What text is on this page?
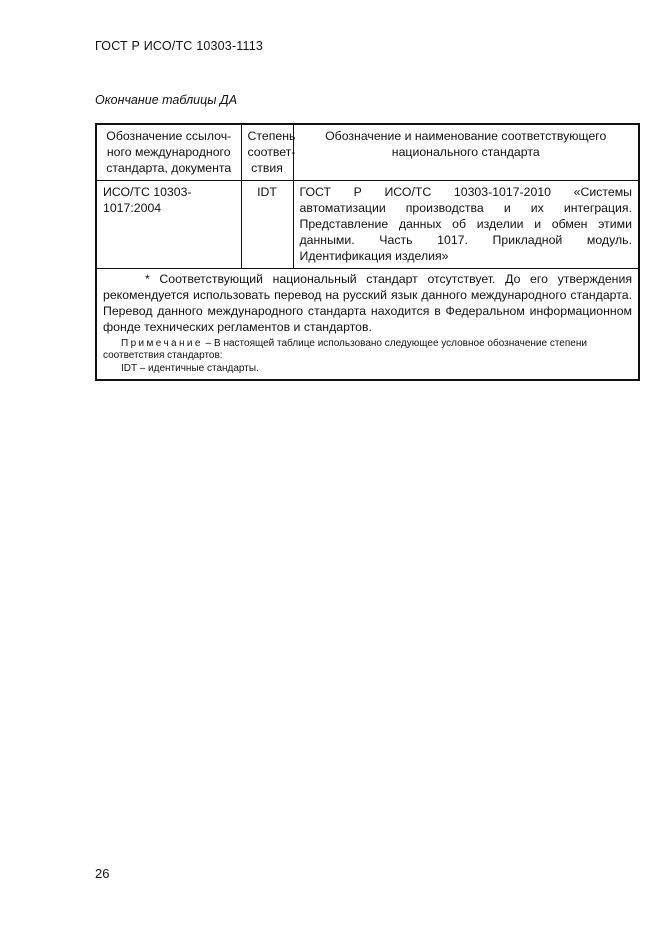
ГОСТ Р ИСО/ТС 10303-1113
Окончание таблицы ДА
Обозначение ссылоч-ного международного стандарта, документа	Степень соответ-ствия	Обозначение и наименование соответствующего национального стандарта
ИСО/ТС 10303-1017:2004	IDT	ГОСТ Р ИСО/ТС 10303-1017-2010 «Системы автоматизации производства и их интеграция. Представление данных об изделии и обмен этими данными. Часть 1017. Прикладной модуль. Идентификация изделия»

* Соответствующий национальный стандарт отсутствует. До его утверждения рекомендуется использовать перевод на русский язык данного международного стандарта. Перевод данного международного стандарта находится в Федеральном информационном фонде технических регламентов и стандартов.
Примечание – В настоящей таблице использовано следующее условное обозначение степени соответствия стандартов:
IDT – идентичные стандарты.		
26
